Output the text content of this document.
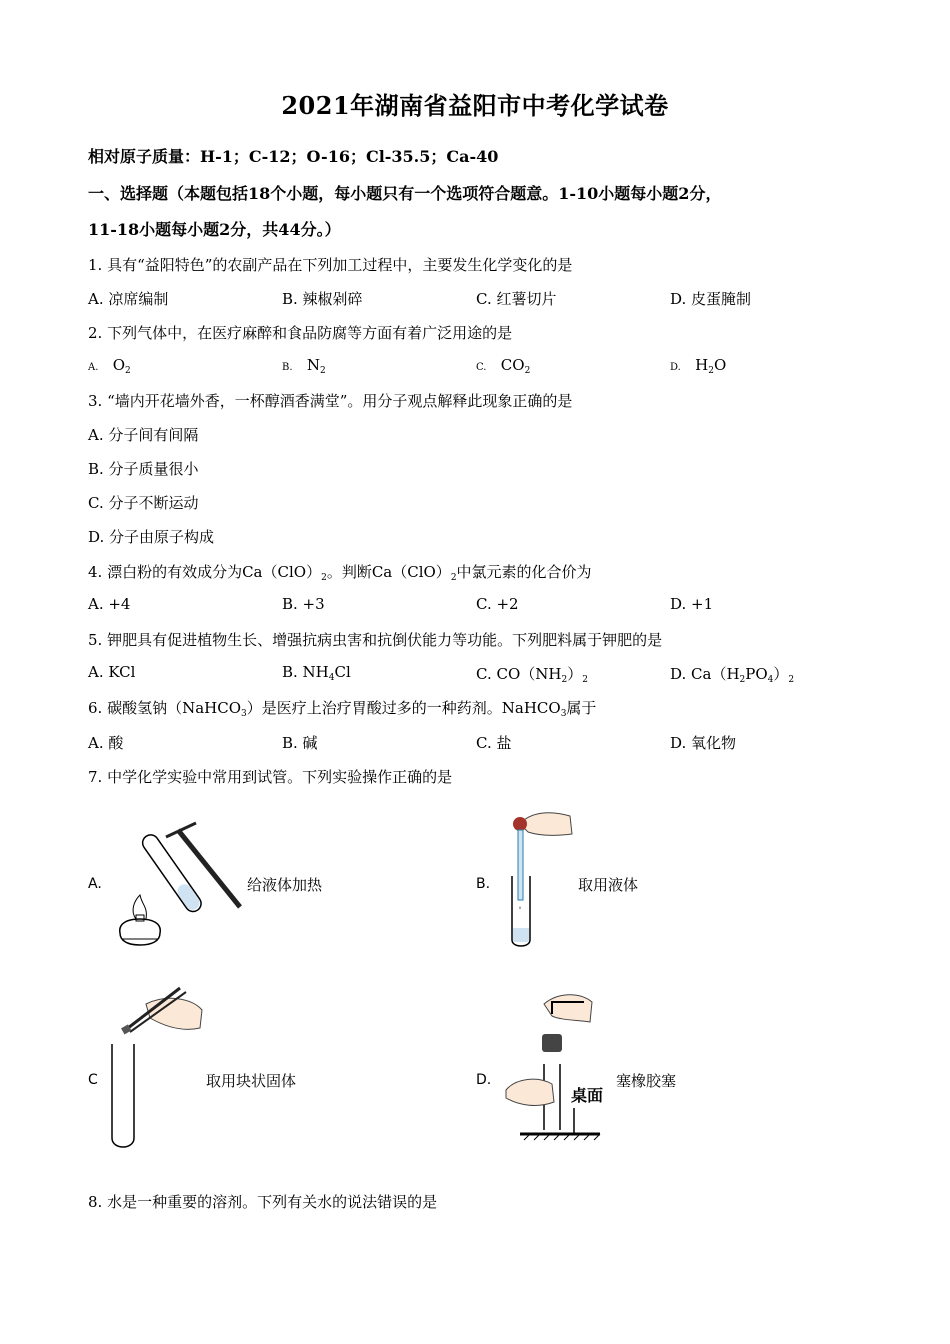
2021年湖南省益阳市中考化学试卷
相对原子质量：H-1；C-12；O-16；Cl-35.5；Ca-40
一、选择题（本题包括18个小题，每小题只有一个选项符合题意。1-10小题每小题2分，
11-18小题每小题2分，共44分。）
1. 具有“益阳特色”的农副产品在下列加工过程中，主要发生化学变化的是
A. 凉席编制	B. 辣椒剁碎	C. 红薯切片	D. 皮蛋腌制
2. 下列气体中，在医疗麻醉和食品防腐等方面有着广泛用途的是
A. $O_2$	B. $N_2$	C. $CO_2$	D. $H_2O$
3. “墙内开花墙外香，一杯醇酒香满堂”。用分子观点解释此现象正确的是
A. 分子间有间隔
B. 分子质量很小
C. 分子不断运动
D. 分子由原子构成
4. 漂白粉的有效成分为$Ca(ClO)_2$。判断$Ca(ClO)_2$中氯元素的化合价为
A. +4	B. +3	C. +2	D. +1
5. 钾肥具有促进植物生长、增强抗病虫害和抗倒伏能力等功能。下列肥料属于钾肥的是
A. KCl	B. $NH_4Cl$	C. $CO(NH_2)_2$	D. $Ca(H_2PO_4)_2$
6. 碳酸氢钠（NaHCO$_3$）是医疗上治疗胃酸过多的一种药剂。NaHCO$_3$属于
A. 酸	B. 碱	C. 盐	D. 氧化物
7. 中学化学实验中常用到试管。下列实验操作正确的是
A.	给液体加热	B.	取用液体
C	取用块状固体	D.
桌面
塞橡胶塞
8. 水是一种重要的溶剂。下列有关水的说法错误的是
